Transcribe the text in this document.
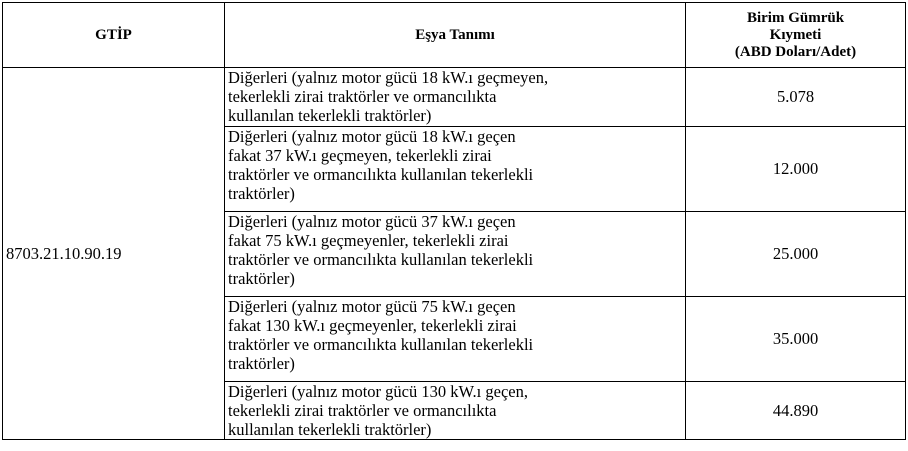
GTİP	Eşya Tanımı	Birim Gümrük
Kıymeti
(ABD Doları/Adet)
8703.21.10.90.19	Diğerleri (yalnız motor gücü 18 kW.ı geçmeyen,
tekerlekli zirai traktörler ve ormancılıkta
kullanılan tekerlekli traktörler)	5.078
	Diğerleri (yalnız motor gücü 18 kW.ı geçen
fakat 37 kW.ı geçmeyen, tekerlekli zirai
traktörler ve ormancılıkta kullanılan tekerlekli
traktörler)	12.000
	Diğerleri (yalnız motor gücü 37 kW.ı geçen
fakat 75 kW.ı geçmeyenler, tekerlekli zirai
traktörler ve ormancılıkta kullanılan tekerlekli
traktörler)	25.000
	Diğerleri (yalnız motor gücü 75 kW.ı geçen
fakat 130 kW.ı geçmeyenler, tekerlekli zirai
traktörler ve ormancılıkta kullanılan tekerlekli
traktörler)	35.000
	Diğerleri (yalnız motor gücü 130 kW.ı geçen,
tekerlekli zirai traktörler ve ormancılıkta
kullanılan tekerlekli traktörler)	44.890
